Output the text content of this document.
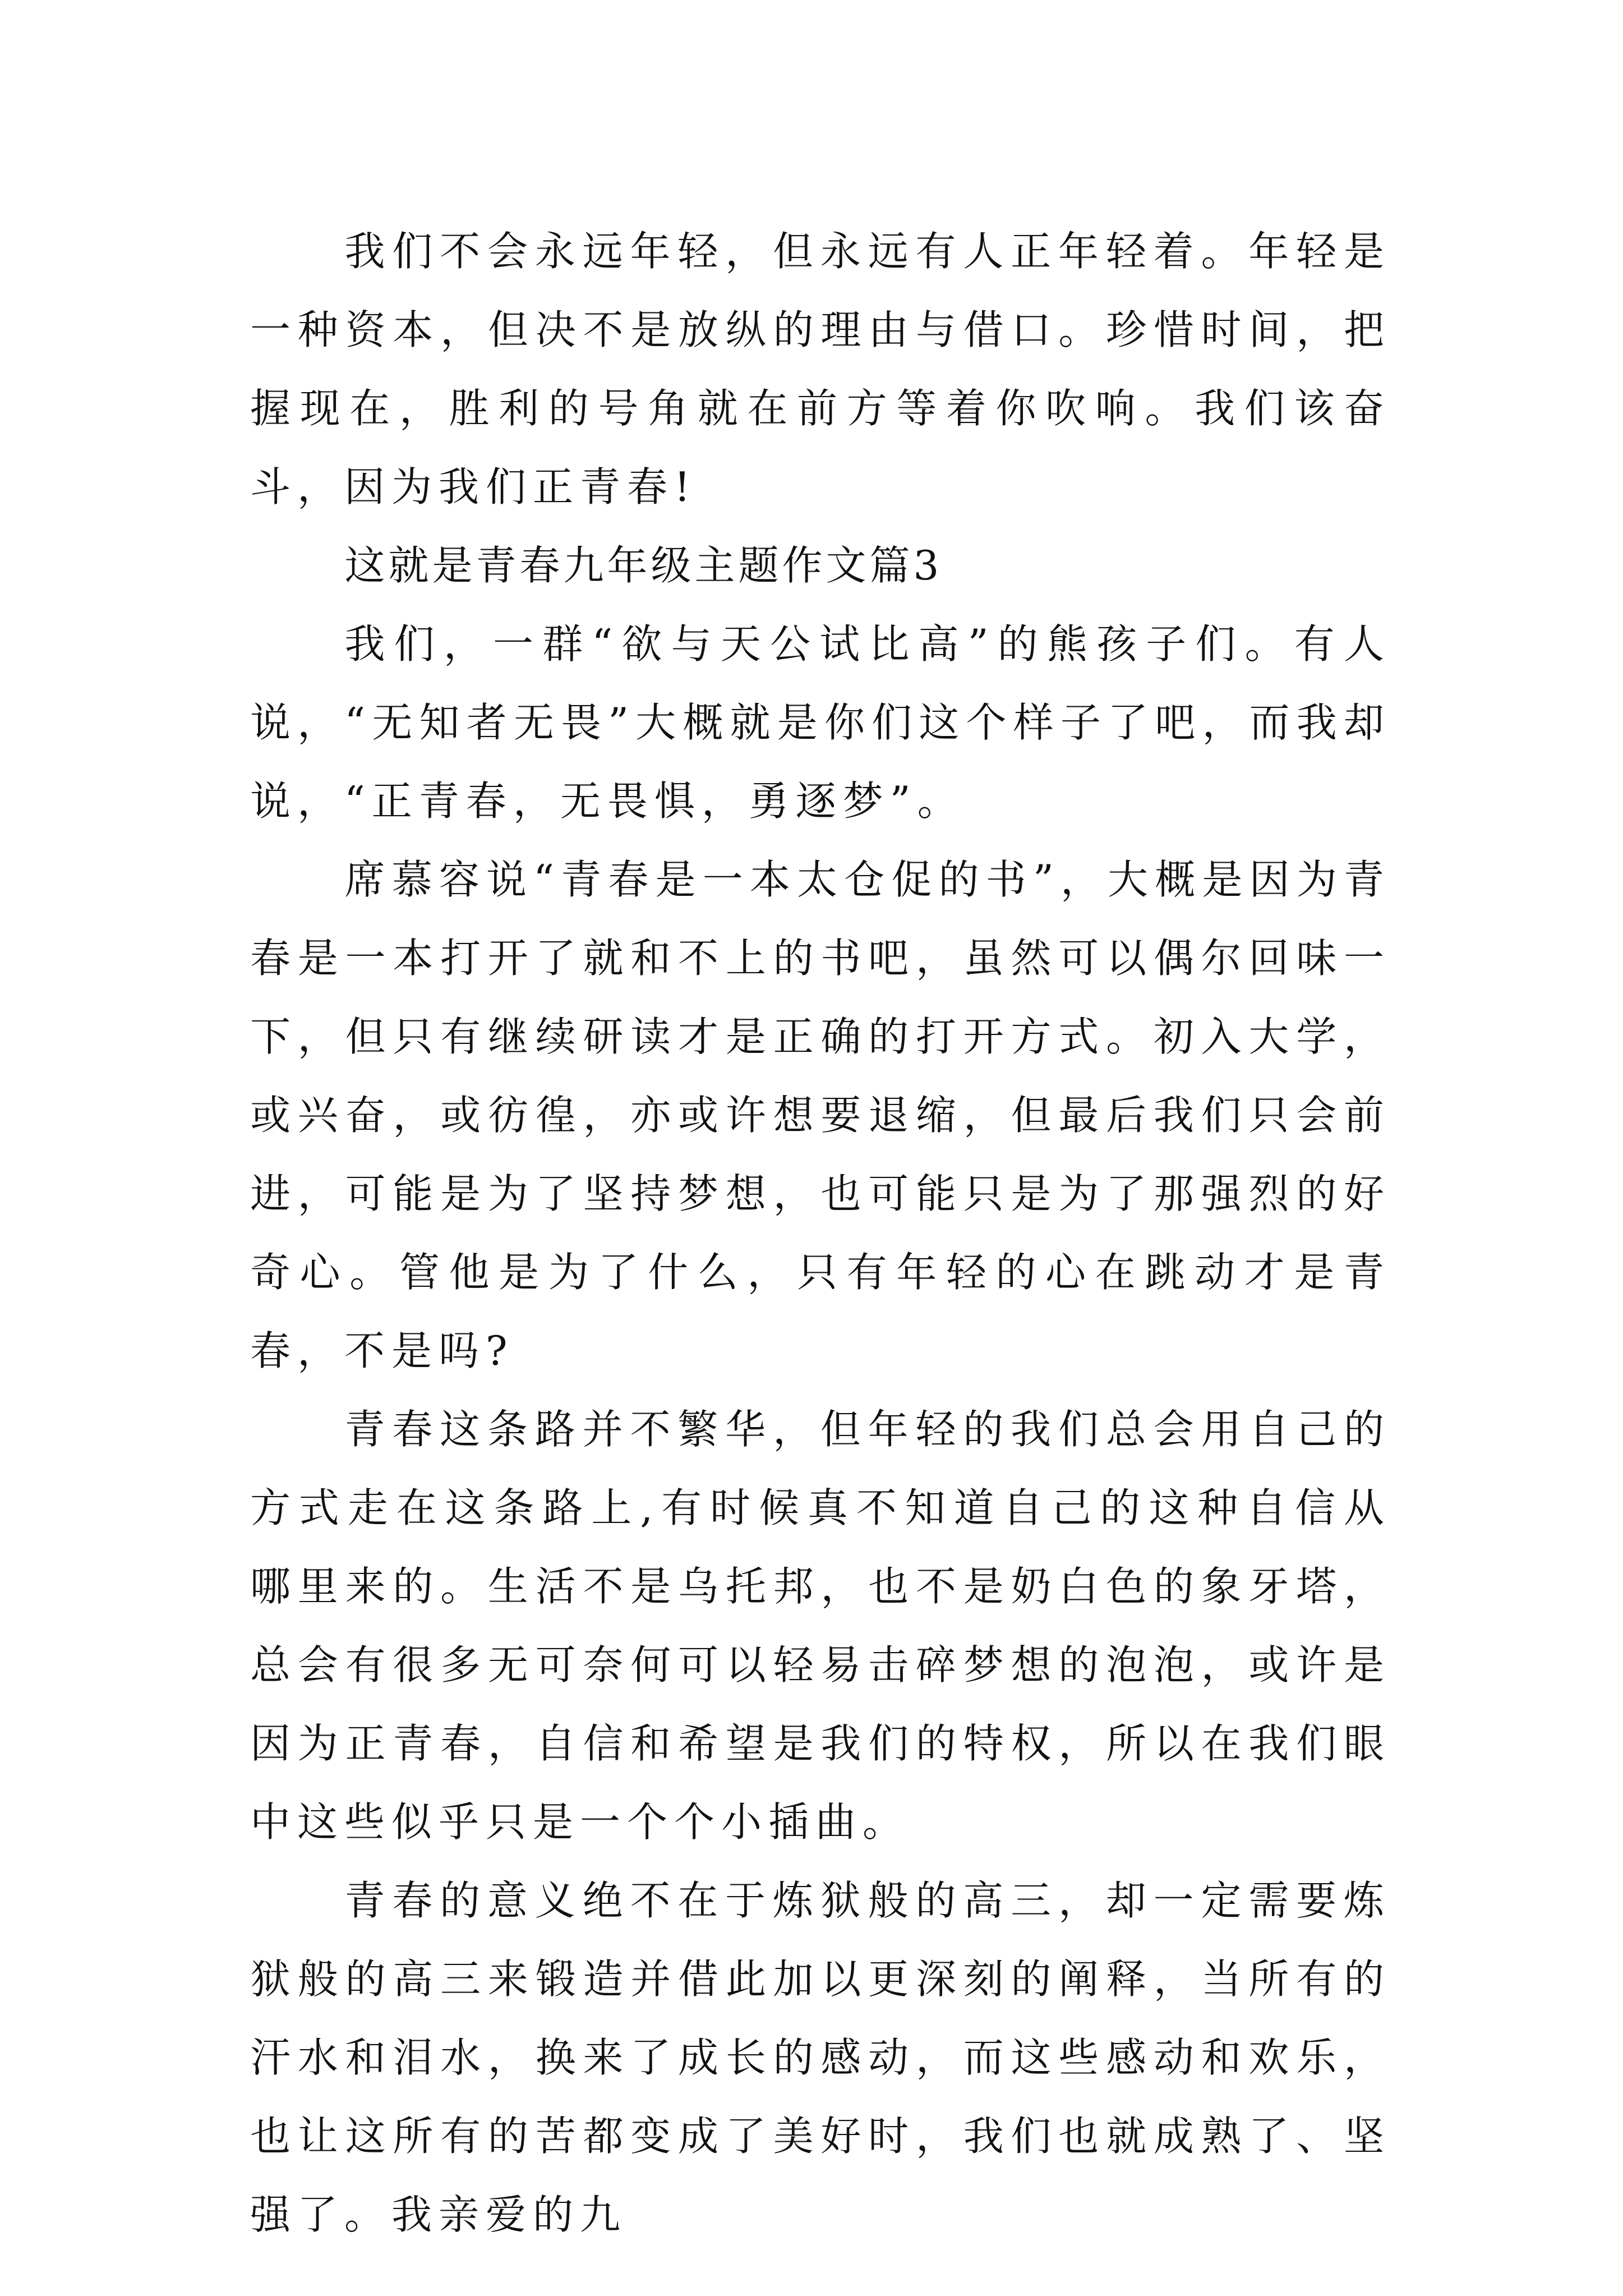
我们不会永远年轻，但永远有人正年轻着。年轻是一种资本，但决不是放纵的理由与借口。珍惜时间，把握现在，胜利的号角就在前方等着你吹响。我们该奋斗，因为我们正青春!

这就是青春九年级主题作文篇3

我们，一群“欲与天公试比高”的熊孩子们。有人说，“无知者无畏”大概就是你们这个样子了吧，而我却说，“正青春，无畏惧，勇逐梦”。

席慕容说“青春是一本太仓促的书”，大概是因为青春是一本打开了就和不上的书吧，虽然可以偶尔回味一下，但只有继续研读才是正确的打开方式。初入大学，或兴奋，或彷徨，亦或许想要退缩，但最后我们只会前进，可能是为了坚持梦想，也可能只是为了那强烈的好奇心。管他是为了什么，只有年轻的心在跳动才是青春，不是吗?

青春这条路并不繁华，但年轻的我们总会用自己的方式走在这条路上,有时候真不知道自己的这种自信从哪里来的。生活不是乌托邦，也不是奶白色的象牙塔，总会有很多无可奈何可以轻易击碎梦想的泡泡，或许是因为正青春，自信和希望是我们的特权，所以在我们眼中这些似乎只是一个个小插曲。

青春的意义绝不在于炼狱般的高三，却一定需要炼狱般的高三来锻造并借此加以更深刻的阐释，当所有的汗水和泪水，换来了成长的感动，而这些感动和欢乐，也让这所有的苦都变成了美好时，我们也就成熟了、坚强了。我亲爱的九
